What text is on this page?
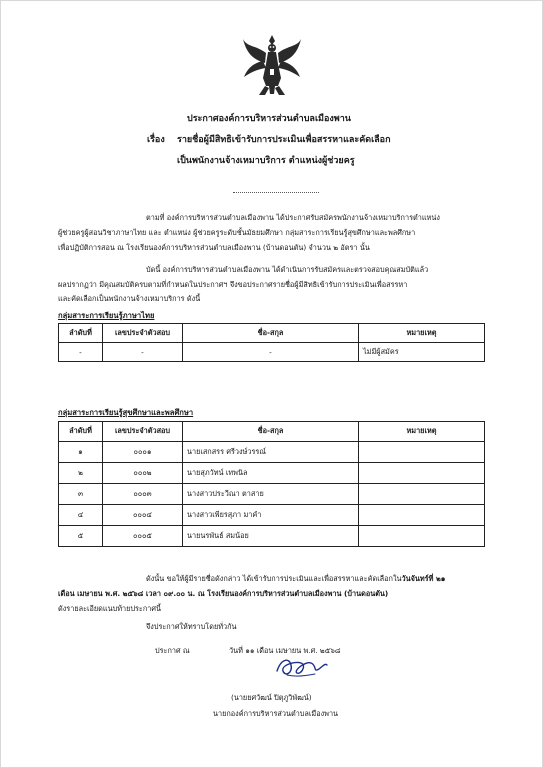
ประกาศองค์การบริหารส่วนตำบลเมืองพาน
เรื่อง รายชื่อผู้มีสิทธิเข้ารับการประเมินเพื่อสรรหาและคัดเลือก
เป็นพนักงานจ้างเหมาบริการ ตำแหน่งผู้ช่วยครู
ตามที่ องค์การบริหารส่วนตำบลเมืองพาน ได้ประกาศรับสมัครพนักงานจ้างเหมาบริการตำแหน่ง
ผู้ช่วยครูผู้สอนวิชาภาษาไทย และ ตำแหน่ง ผู้ช่วยครูระดับชั้นมัธยมศึกษา กลุ่มสาระการเรียนรู้สุขศึกษาและพลศึกษา
เพื่อปฏิบัติการสอน ณ โรงเรียนองค์การบริหารส่วนตำบลเมืองพาน (บ้านดอนตัน) จำนวน ๒ อัตรา นั้น
บัดนี้ องค์การบริหารส่วนตำบลเมืองพาน ได้ดำเนินการรับสมัครและตรวจสอบคุณสมบัติแล้ว
ผลปรากฏว่า มีคุณสมบัติครบตามที่กำหนดในประกาศฯ จึงขอประกาศรายชื่อผู้มีสิทธิเข้ารับการประเมินเพื่อสรรหา
และคัดเลือกเป็นพนักงานจ้างเหมาบริการ ดังนี้
กลุ่มสาระการเรียนรู้ภาษาไทย
ลำดับที่	เลขประจำตัวสอบ	ชื่อ-สกุล	หมายเหตุ
-	-	-	ไม่มีผู้สมัคร
กลุ่มสาระการเรียนรู้สุขศึกษาและพลศึกษา
ลำดับที่	เลขประจำตัวสอบ	ชื่อ-สกุล	หมายเหตุ
๑	๐๐๐๑	นายเสกสรร ศรีวงษ์วรรณ์	
๒	๐๐๐๒	นายสุภวัทน์ เทพนิล	
๓	๐๐๐๓	นางสาวประวีณา ตาสาย	
๔	๐๐๐๔	นางสาวเพียรสุภา มาคำ	
๕	๐๐๐๕	นายนรพันธ์ สมน้อย	
ดังนั้น ขอให้ผู้มีรายชื่อดังกล่าว ได้เข้ารับการประเมินและเพื่อสรรหาและคัดเลือกในวันจันทร์ที่ ๒๑
เดือน เมษายน พ.ศ. ๒๕๖๘ เวลา ๐๙.๐๐ น. ณ โรงเรียนองค์การบริหารส่วนตำบลเมืองพาน (บ้านดอนตัน)
ดังรายละเอียดแนบท้ายประกาศนี้
จึงประกาศให้ทราบโดยทั่วกัน
ประกาศ ณ	วันที่ ๑๑ เดือน เมษายน พ.ศ. ๒๕๖๘
(นายยศวัฒน์ ปิตุภูวิพัฒน์)
นายกองค์การบริหารส่วนตำบลเมืองพาน
